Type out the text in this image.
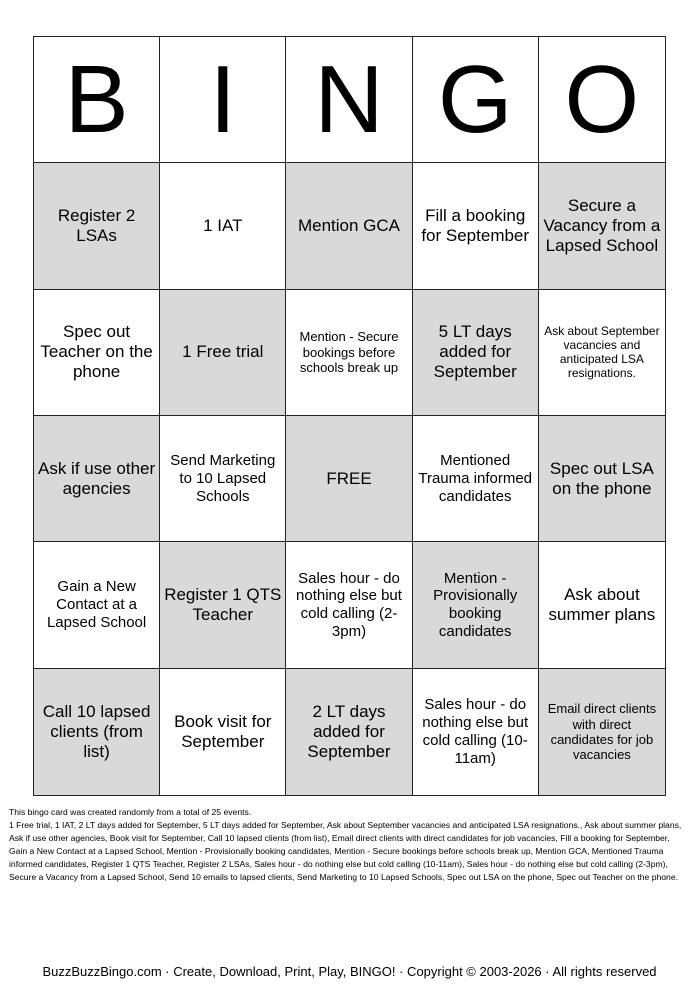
B I N G O
Register 2 LSAs
1 IAT	Mention GCA
Fill a booking for September
Secure a Vacancy from a Lapsed School
Spec out Teacher on the phone
1 Free trial
Mention - Secure bookings before schools break up
5 LT days added for September
Ask about September vacancies and anticipated LSA resignations.
Ask if use other agencies
Send Marketing to 10 Lapsed Schools
FREE
Mentioned Trauma informed candidates
Spec out LSA on the phone
Gain a New Contact at a Lapsed School
Register 1 QTS Teacher
Sales hour - do nothing else but cold calling (2-3pm)
Mention - Provisionally booking candidates
Ask about summer plans
Call 10 lapsed clients (from list)
Book visit for September
2 LT days added for September
Sales hour - do nothing else but cold calling (10-11am)
Email direct clients with direct candidates for job vacancies

This bingo card was created randomly from a total of 25 events.

1 Free trial, 1 IAT, 2 LT days added for September, 5 LT days added for September, Ask about September vacancies and anticipated LSA resignations., Ask about summer plans, Ask if use other agencies, Book visit for September, Call 10 lapsed clients (from list), Email direct clients with direct candidates for job vacancies, Fill a booking for September, Gain a New Contact at a Lapsed School, Mention - Provisionally booking candidates, Mention - Secure bookings before schools break up, Mention GCA, Mentioned Trauma informed candidates, Register 1 QTS Teacher, Register 2 LSAs, Sales hour - do nothing else but cold calling (10-11am), Sales hour - do nothing else but cold calling (2-3pm), Secure a Vacancy from a Lapsed School, Send 10 emails to lapsed clients, Send Marketing to 10 Lapsed Schools, Spec out LSA on the phone, Spec out Teacher on the phone.

BuzzBuzzBingo.com · Create, Download, Print, Play, BINGO! · Copyright © 2003-2026 · All rights reserved
